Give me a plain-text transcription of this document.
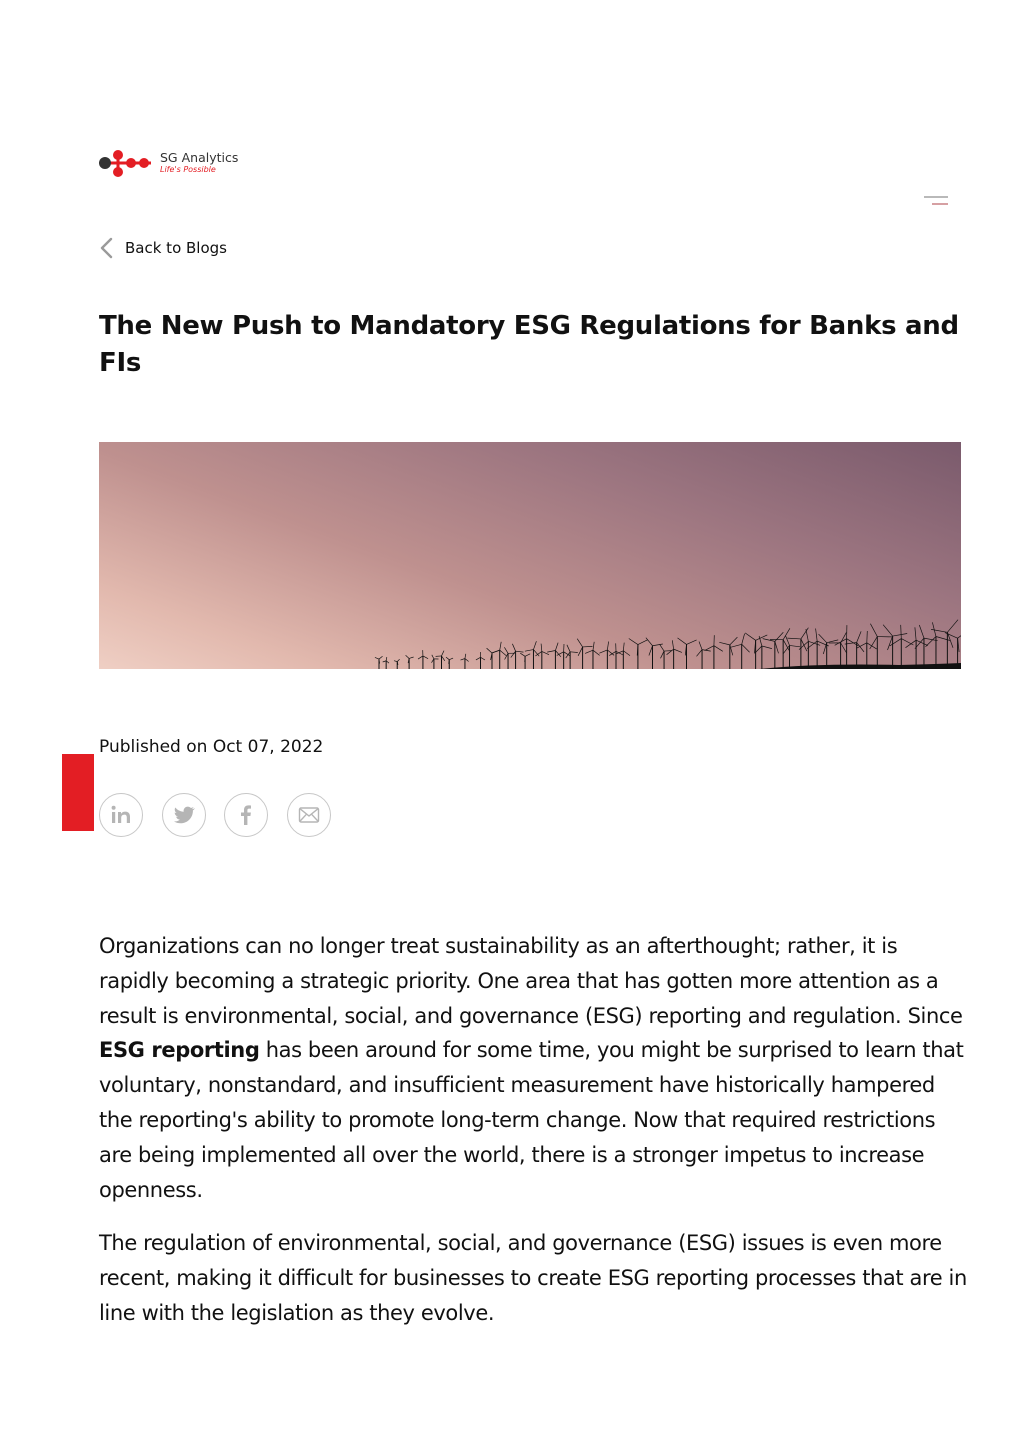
SG Analytics
Life's Possible
Back to Blogs
The New Push to Mandatory ESG Regulations for Banks and FIs
Published on Oct 07, 2022

Organizations can no longer treat sustainability as an afterthought; rather, it is rapidly becoming a strategic priority. One area that has gotten more attention as a result is environmental, social, and governance (ESG) reporting and regulation. Since ESG reporting has been around for some time, you might be surprised to learn that voluntary, nonstandard, and insufficient measurement have historically hampered the reporting's ability to promote long-term change. Now that required restrictions are being implemented all over the world, there is a stronger impetus to increase openness.

The regulation of environmental, social, and governance (ESG) issues is even more recent, making it difficult for businesses to create ESG reporting processes that are in line with the legislation as they evolve.
